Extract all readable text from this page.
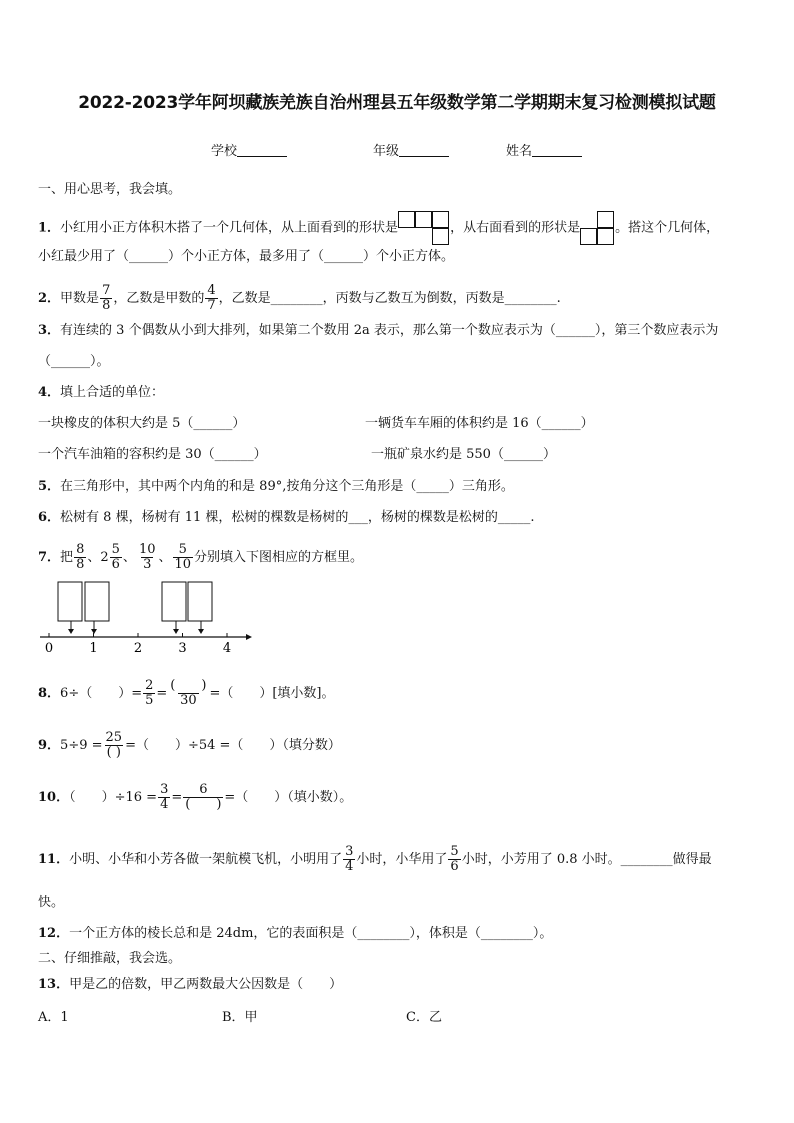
2022-2023学年阿坝藏族羌族自治州理县五年级数学第二学期期末复习检测模拟试题
学校	年级	姓名
一、用心思考，我会填。
1．小红用小正方体积木搭了一个几何体，从上面看到的形状是	，从右面看到的形状是	。搭这个几何体，
小红最少用了（______）个小正方体，最多用了（______）个小正方体。
2．甲数是 $\frac{7}{8}$ ，乙数是甲数的 $\frac{4}{7}$ ，乙数是________，丙数与乙数互为倒数，丙数是________.
3．有连续的 3 个偶数从小到大排列，如果第二个数用 2a 表示，那么第一个数应表示为（______），第三个数应表示为
（______）。
4．填上合适的单位：
一块橡皮的体积大约是 5（______）	一辆货车车厢的体积约是 16（______）
一个汽车油箱的容积约是 30（______）	一瓶矿泉水约是 550（______）
5．在三角形中，其中两个内角的和是 89°,按角分这个三角形是（_____）三角形。
6．松树有 8 棵，杨树有 11 棵，松树的棵数是杨树的___，杨树的棵数是松树的_____.
7．把 $\frac{8}{8}$ 、$2 \frac{5}{6}$ 、 $\frac{10}{3}$ 、 $\frac{5}{10}$ 分别填入下图相应的方框里。
0	1	2	3	4
8．6÷（　　）= $\frac{2}{5} = \frac{( )}{30}$ =（　　）[填小数]。
9．$5\div 9 = \frac{25}{( )}$ =（　　）÷54 =（　　）（填分数）
10．（　　）$\div 16 = \frac{3}{4} = \frac{6}{( )}$ =（　　）（填小数）。
11．小明、小华和小芳各做一架航模飞机，小明用了 $\frac{3}{4}$ 小时，小华用了 $\frac{5}{6}$ 小时，小芳用了 0.8 小时。________做得最
快。
12．一个正方体的棱长总和是 24dm，它的表面积是（________），体积是（________）。
二、仔细推敲，我会选。
13．甲是乙的倍数，甲乙两数最大公因数是（　　）
A．1	B．甲	C．乙
